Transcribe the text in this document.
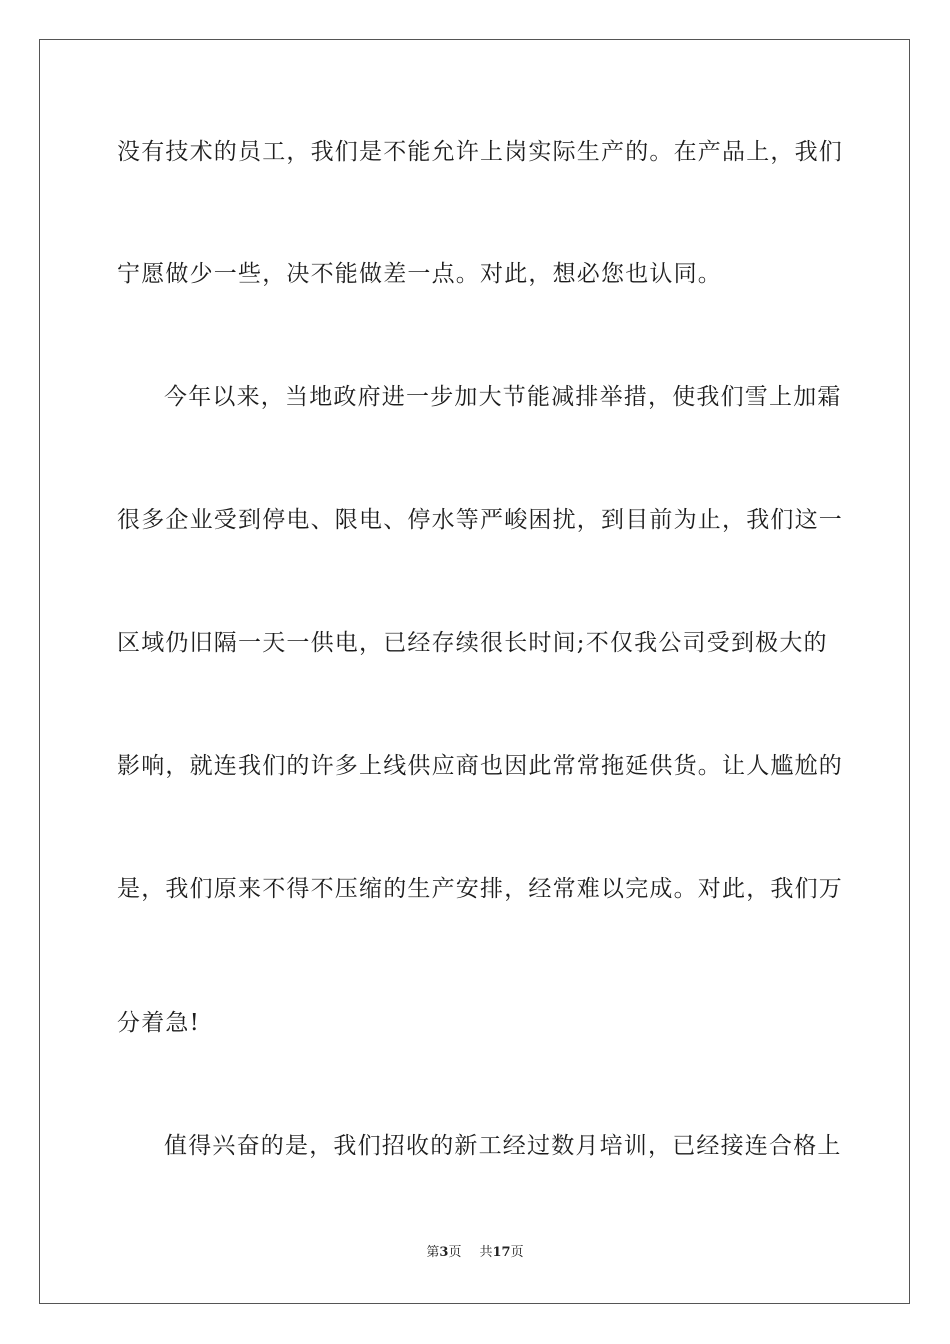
没有技术的员工，我们是不能允许上岗实际生产的。在产品上，我们
宁愿做少一些，决不能做差一点。对此，想必您也认同。
今年以来，当地政府进一步加大节能减排举措，使我们雪上加霜
很多企业受到停电、限电、停水等严峻困扰，到目前为止，我们这一
区域仍旧隔一天一供电，已经存续很长时间;不仅我公司受到极大的
影响，就连我们的许多上线供应商也因此常常拖延供货。让人尴尬的
是，我们原来不得不压缩的生产安排，经常难以完成。对此，我们万
分着急!
值得兴奋的是，我们招收的新工经过数月培训，已经接连合格上
第3页 共17页
